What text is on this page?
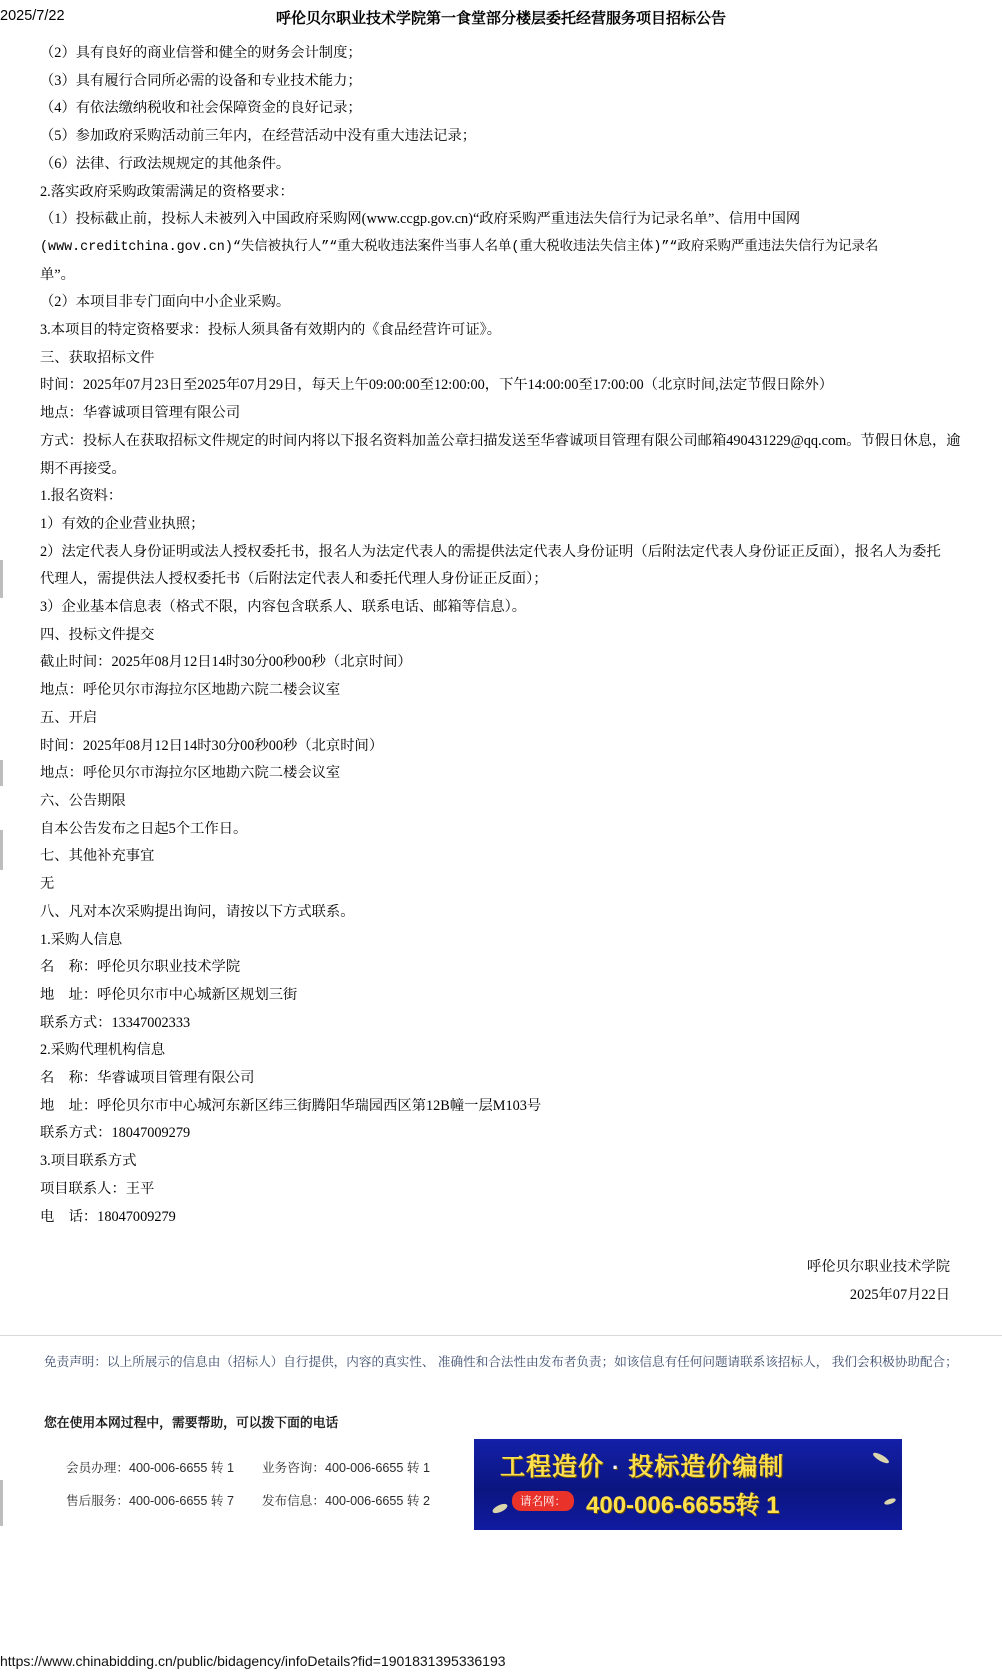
2025/7/22	呼伦贝尔职业技术学院第一食堂部分楼层委托经营服务项目招标公告

（2）具有良好的商业信誉和健全的财务会计制度；

（3）具有履行合同所必需的设备和专业技术能力；

（4）有依法缴纳税收和社会保障资金的良好记录；

（5）参加政府采购活动前三年内，在经营活动中没有重大违法记录；

（6）法律、行政法规规定的其他条件。

2.落实政府采购政策需满足的资格要求：

（1）投标截止前，投标人未被列入中国政府采购网(www.ccgp.gov.cn)“政府采购严重违法失信行为记录名单”、信用中国网

(www.creditchina.gov.cn)“失信被执行人”“重大税收违法案件当事人名单(重大税收违法失信主体)”“政府采购严重违法失信行为记录名

单”。

（2）本项目非专门面向中小企业采购。

3.本项目的特定资格要求：投标人须具备有效期内的《食品经营许可证》。

三、获取招标文件

时间：2025年07月23日至2025年07月29日，每天上午09:00:00至12:00:00，下午14:00:00至17:00:00（北京时间,法定节假日除外）

地点：华睿诚项目管理有限公司

方式：投标人在获取招标文件规定的时间内将以下报名资料加盖公章扫描发送至华睿诚项目管理有限公司邮箱490431229@qq.com。节假日休息，逾

期不再接受。

1.报名资料：

1）有效的企业营业执照；

2）法定代表人身份证明或法人授权委托书，报名人为法定代表人的需提供法定代表人身份证明（后附法定代表人身份证正反面），报名人为委托

代理人，需提供法人授权委托书（后附法定代表人和委托代理人身份证正反面）；

3）企业基本信息表（格式不限，内容包含联系人、联系电话、邮箱等信息）。

四、投标文件提交

截止时间：2025年08月12日14时30分00秒00秒（北京时间）

地点：呼伦贝尔市海拉尔区地勘六院二楼会议室

五、开启

时间：2025年08月12日14时30分00秒00秒（北京时间）

地点：呼伦贝尔市海拉尔区地勘六院二楼会议室

六、公告期限

自本公告发布之日起5个工作日。

七、其他补充事宜

无

八、凡对本次采购提出询问，请按以下方式联系。

1.采购人信息

名　称：呼伦贝尔职业技术学院

地　址：呼伦贝尔市中心城新区规划三街

联系方式：13347002333

2.采购代理机构信息

名　称：华睿诚项目管理有限公司

地　址：呼伦贝尔市中心城河东新区纬三街腾阳华瑞园西区第12B幢一层M103号

联系方式：18047009279

3.项目联系方式

项目联系人：王平

电　话：18047009279

呼伦贝尔职业技术学院
2025年07月22日
免责声明：以上所展示的信息由（招标人）自行提供，内容的真实性、 准确性和合法性由发布者负责；如该信息有任何问题请联系该招标人， 我们会积极协助配合；
您在使用本网过程中，需要帮助，可以拨下面的电话
会员办理：400-006-6655 转 1	业务咨询：400-006-6655 转 1
售后服务：400-006-6655 转 7	发布信息：400-006-6655 转 2
工程造价 · 投标造价编制
请名网： 400-006-6655转 1
https://www.chinabidding.cn/public/bidagency/infoDetails?fid=1901831395336193
